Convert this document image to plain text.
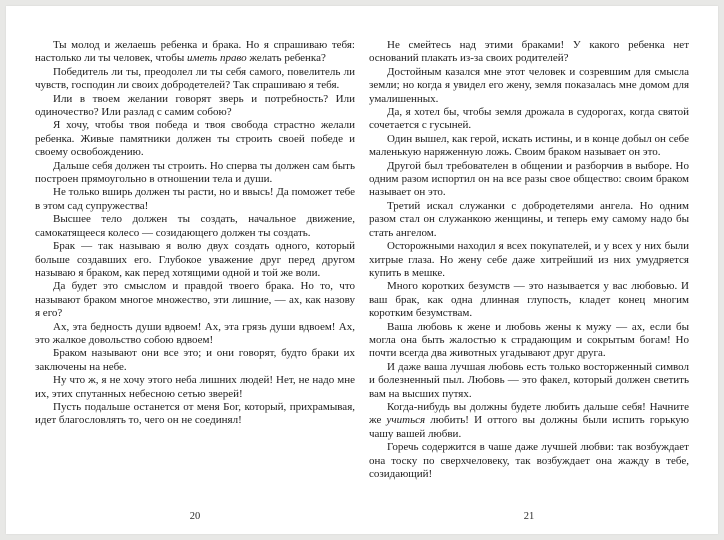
Ты молод и желаешь ребенка и брака. Но я спрашиваю тебя: настолько ли ты человек, чтобы иметь право желать ребенка?

Победитель ли ты, преодолел ли ты себя самого, повелитель ли чувств, господин ли своих добродетелей? Так спрашиваю я тебя.

Или в твоем желании говорят зверь и потребность? Или одиночество? Или разлад с самим собою?

Я хочу, чтобы твоя победа и твоя свобода страстно желали ребенка. Живые памятники должен ты строить своей победе и своему освобождению.

Дальше себя должен ты строить. Но сперва ты должен сам быть построен прямоугольно в отношении тела и души.

Не только вширь должен ты расти, но и ввысь! Да поможет тебе в этом сад супружества!

Высшее тело должен ты создать, начальное движение, самокатящееся колесо — созидающего должен ты создать.

Брак — так называю я волю двух создать одного, который больше создавших его. Глубокое уважение друг перед другом называю я браком, как перед хотящими одной и той же воли.

Да будет это смыслом и правдой твоего брака. Но то, что называют браком многое множество, эти лишние, — ах, как назову я его?

Ах, эта бедность души вдвоем! Ах, эта грязь души вдвоем! Ах, это жалкое довольство собою вдвоем!

Браком называют они все это; и они говорят, будто браки их заключены на небе.

Ну что ж, я не хочу этого неба лишних людей! Нет, не надо мне их, этих спутанных небесною сетью зверей!

Пусть подальше останется от меня Бог, который, прихрамывая, идет благословлять то, чего он не соединял!

20

Не смейтесь над этими браками! У какого ребенка нет оснований плакать из-за своих родителей?

Достойным казался мне этот человек и созревшим для смысла земли; но когда я увидел его жену, земля показалась мне домом для умалишенных.

Да, я хотел бы, чтобы земля дрожала в судорогах, когда святой сочетается с гусыней.

Один вышел, как герой, искать истины, и в конце добыл он себе маленькую наряженную ложь. Своим браком называет он это.

Другой был требователен в общении и разборчив в выборе. Но одним разом испортил он на все разы свое общество: своим браком называет он это.

Третий искал служанки с добродетелями ангела. Но одним разом стал он служанкою женщины, и теперь ему самому надо бы стать ангелом.

Осторожными находил я всех покупателей, и у всех у них были хитрые глаза. Но жену себе даже хитрейший из них умудряется купить в мешке.

Много коротких безумств — это называется у вас любовью. И ваш брак, как одна длинная глупость, кладет конец многим коротким безумствам.

Ваша любовь к жене и любовь жены к мужу — ах, если бы могла она быть жалостью к страдающим и сокрытым богам! Но почти всегда два животных угадывают друг друга.

И даже ваша лучшая любовь есть только восторженный символ и болезненный пыл. Любовь — это факел, который должен светить вам на высших путях.

Когда-нибудь вы должны будете любить дальше себя! Начните же учиться любить! И оттого вы должны были испить горькую чашу вашей любви.

Горечь содержится в чаше даже лучшей любви: так возбуждает она тоску по сверхчеловеку, так возбуждает она жажду в тебе, созидающий!

21
